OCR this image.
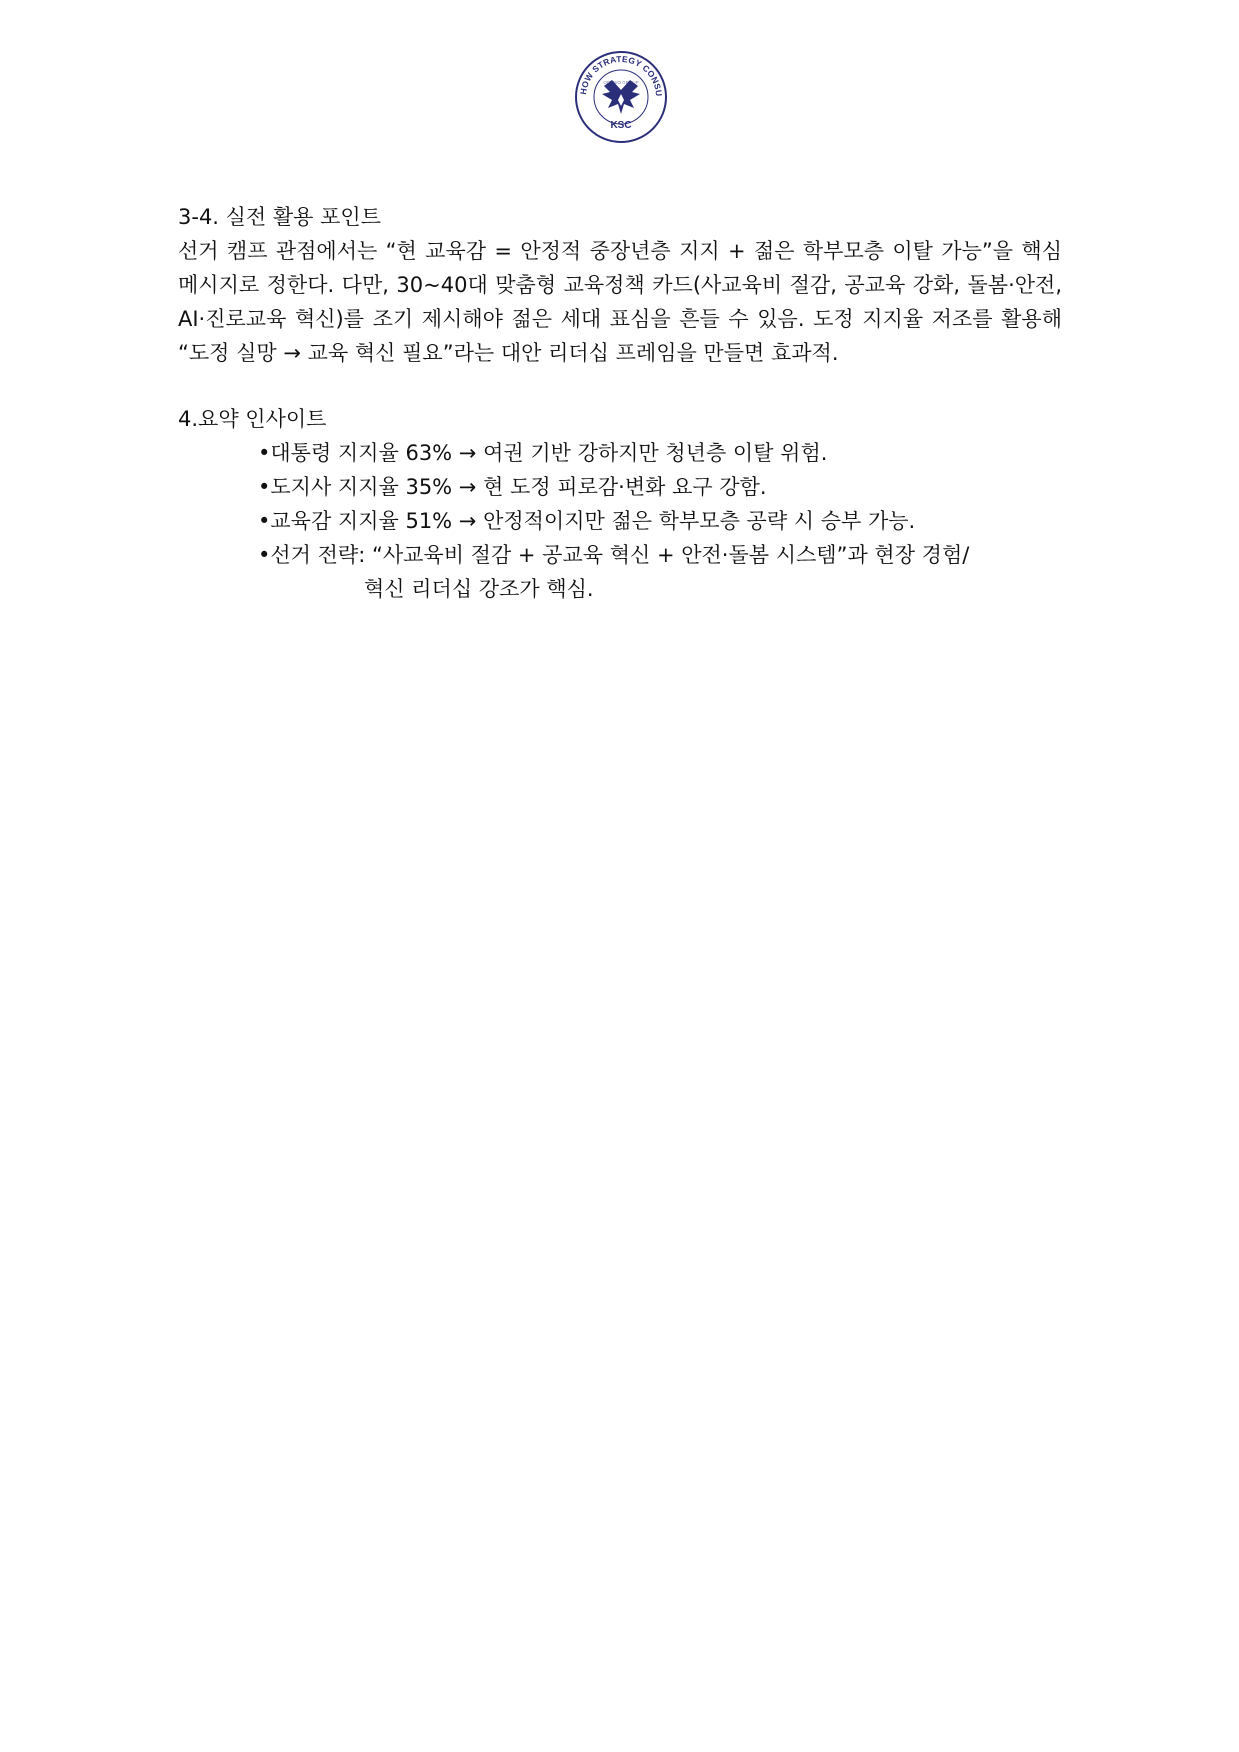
HOW STRATEGY CONSU
OPEN/O GROUP
KSC
3-4. 실전 활용 포인트

선거 캠프 관점에서는 “현 교육감 = 안정적 중장년층 지지 + 젊은 학부모층 이탈 가능”을 핵심 메시지로 정한다. 다만, 30~40대 맞춤형 교육정책 카드(사교육비 절감, 공교육 강화, 돌봄·안전, AI·진로교육 혁신)를 조기 제시해야 젊은 세대 표심을 흔들 수 있음. 도정 지지율 저조를 활용해 “도정 실망 → 교육 혁신 필요”라는 대안 리더십 프레임을 만들면 효과적.

4.요약 인사이트
•대통령 지지율 63% → 여권 기반 강하지만 청년층 이탈 위험.
•도지사 지지율 35% → 현 도정 피로감·변화 요구 강함.
•교육감 지지율 51% → 안정적이지만 젊은 학부모층 공략 시 승부 가능.
•선거 전략: “사교육비 절감 + 공교육 혁신 + 안전·돌봄 시스템”과 현장 경험/
혁신 리더십 강조가 핵심.
